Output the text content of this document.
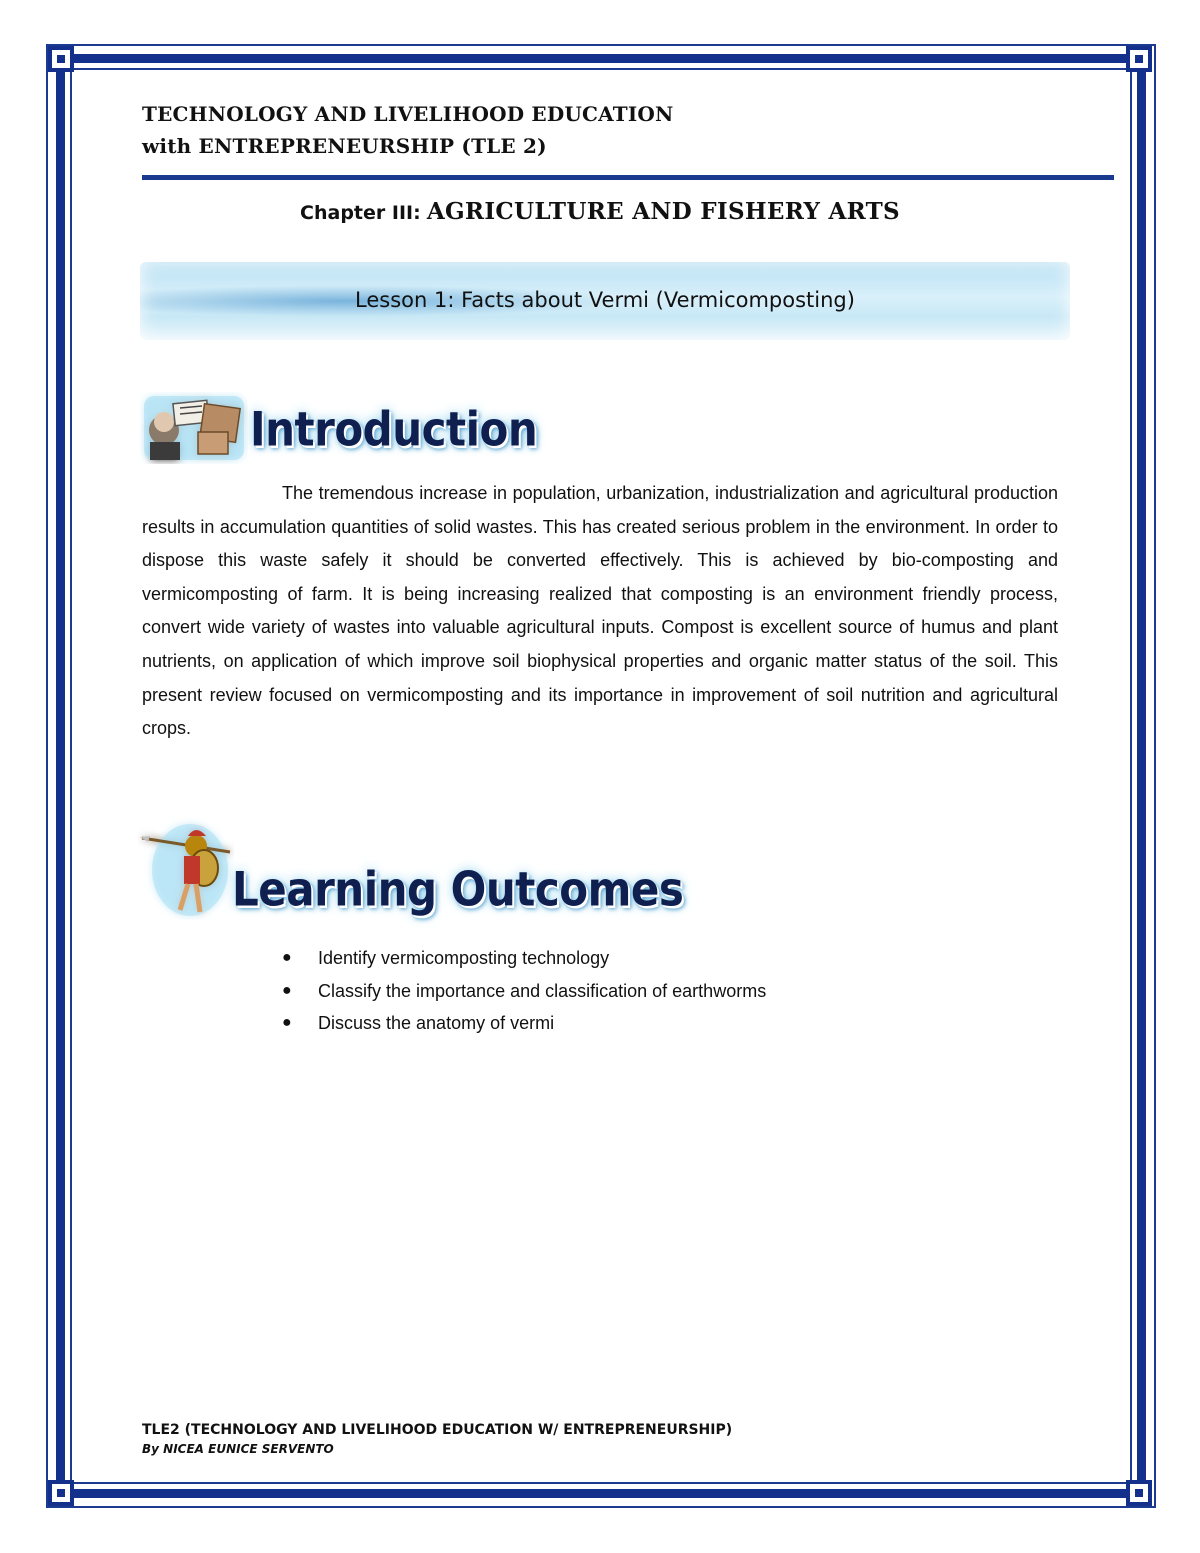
TECHNOLOGY AND LIVELIHOOD EDUCATION
with ENTREPRENEURSHIP (TLE 2)
Chapter III: AGRICULTURE AND FISHERY ARTS
Lesson 1: Facts about Vermi (Vermicomposting)
Introduction

The tremendous increase in population, urbanization, industrialization and agricultural production results in accumulation quantities of solid wastes. This has created serious problem in the environment. In order to dispose this waste safely it should be converted effectively. This is achieved by bio-composting and vermicomposting of farm. It is being increasing realized that composting is an environment friendly process, convert wide variety of wastes into valuable agricultural inputs. Compost is excellent source of humus and plant nutrients, on application of which improve soil biophysical properties and organic matter status of the soil. This present review focused on vermicomposting and its importance in improvement of soil nutrition and agricultural crops.

Learning Outcomes
● Identify vermicomposting technology
● Classify the importance and classification of earthworms
● Discuss the anatomy of vermi

TLE2 (TECHNOLOGY AND LIVELIHOOD EDUCATION W/ ENTREPRENEURSHIP)

By NICEA EUNICE SERVENTO
